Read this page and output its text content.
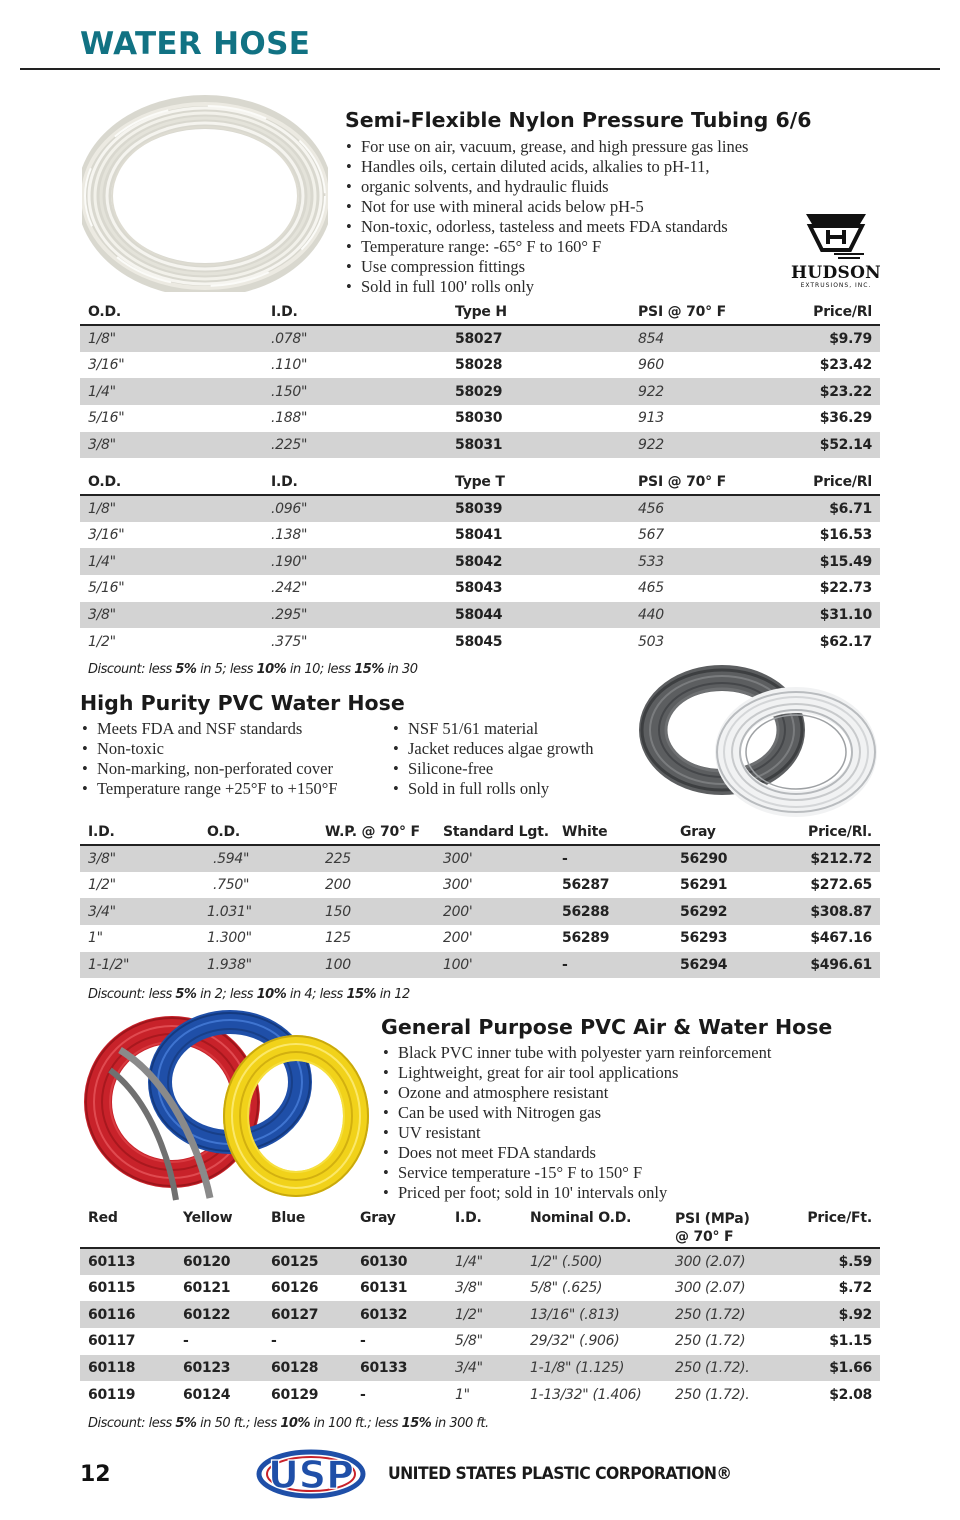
WATER HOSE
Semi-Flexible Nylon Pressure Tubing 6/6
• For use on air, vacuum, grease, and high pressure gas lines
• Handles oils, certain diluted acids, alkalies to pH-11,
• organic solvents, and hydraulic fluids
• Not for use with mineral acids below pH-5
• Non-toxic, odorless, tasteless and meets FDA standards
• Temperature range: -65° F to 160° F
• Use compression fittings
• Sold in full 100' rolls only
HUDSON
EXTRUSIONS, INC.
O.D.	I.D.	Type H	PSI @ 70° F	Price/Rl
1/8"	.078"	58027	854	$9.79
3/16"	.110"	58028	960	$23.42
1/4"	.150"	58029	922	$23.22
5/16"	.188"	58030	913	$36.29
3/8"	.225"	58031	922	$52.14
O.D.	I.D.	Type T	PSI @ 70° F	Price/Rl
1/8"	.096"	58039	456	$6.71
3/16"	.138"	58041	567	$16.53
1/4"	.190"	58042	533	$15.49
5/16"	.242"	58043	465	$22.73
3/8"	.295"	58044	440	$31.10
1/2"	.375"	58045	503	$62.17
Discount: less 5% in 5; less 10% in 10; less 15% in 30
High Purity PVC Water Hose
• Meets FDA and NSF standards
• Non-toxic
• Non-marking, non-perforated cover
• Temperature range +25°F to +150°F
• NSF 51/61 material
• Jacket reduces algae growth
• Silicone-free
• Sold in full rolls only
I.D.	O.D.	W.P. @ 70° F	Standard Lgt.	White	Gray	Price/Rl.
3/8"	.594"	225	300'	-	56290	$212.72
1/2"	.750"	200	300'	56287	56291	$272.65
3/4"	1.031"	150	200'	56288	56292	$308.87
1"	1.300"	125	200'	56289	56293	$467.16
1-1/2"	1.938"	100	100'	-	56294	$496.61
Discount: less 5% in 2; less 10% in 4; less 15% in 12
General Purpose PVC Air & Water Hose
• Black PVC inner tube with polyester yarn reinforcement
• Lightweight, great for air tool applications
• Ozone and atmosphere resistant
• Can be used with Nitrogen gas
• UV resistant
• Does not meet FDA standards
• Service temperature -15° F to 150° F
• Priced per foot; sold in 10' intervals only
Red	Yellow	Blue	Gray	I.D.	Nominal O.D.	PSI (MPa)
@ 70° F	Price/Ft.
60113	60120	60125	60130	1/4"	1/2" (.500)	300 (2.07)	$.59
60115	60121	60126	60131	3/8"	5/8" (.625)	300 (2.07)	$.72
60116	60122	60127	60132	1/2"	13/16" (.813)	250 (1.72)	$.92
60117	-	-	-	5/8"	29/32" (.906)	250 (1.72)	$1.15
60118	60123	60128	60133	3/4"	1-1/8" (1.125)	250 (1.72).	$1.66
60119	60124	60129	-	1"	1-13/32" (1.406)	250 (1.72).	$2.08
Discount: less 5% in 50 ft.; less 10% in 100 ft.; less 15% in 300 ft.
12	USP UNITED STATES PLASTIC CORPORATION®
